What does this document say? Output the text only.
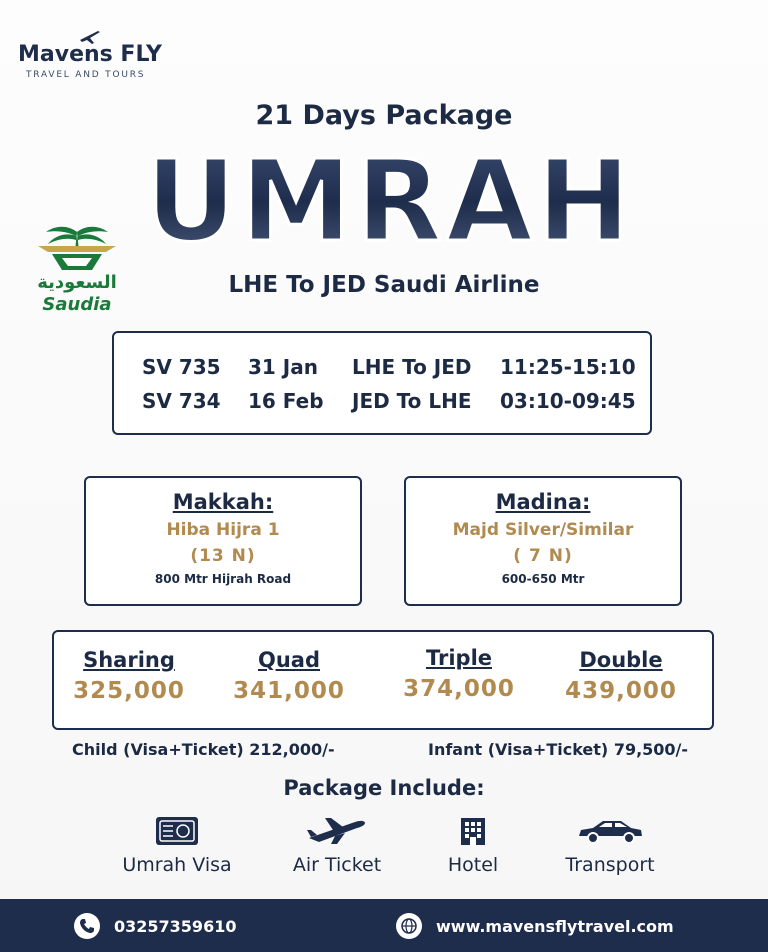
Mavens FLY
TRAVEL AND TOURS
21 Days Package
UMRAH
السعودية
Saudia
LHE To JED Saudi Airline
SV 735 31 Jan LHE To JED 11:25-15:10
SV 734 16 Feb JED To LHE 03:10-09:45
Makkah:
Hiba Hijra 1
(13 N)
800 Mtr Hijrah Road
Madina:
Majd Silver/Similar
( 7 N)
600-650 Mtr
Sharing
325,000
Quad
341,000
Triple
374,000
Double
439,000
Child (Visa+Ticket) 212,000/-	Infant (Visa+Ticket) 79,500/-
Package Include:
Umrah Visa	Air Ticket	Hotel	Transport
03257359610	www.mavensflytravel.com
